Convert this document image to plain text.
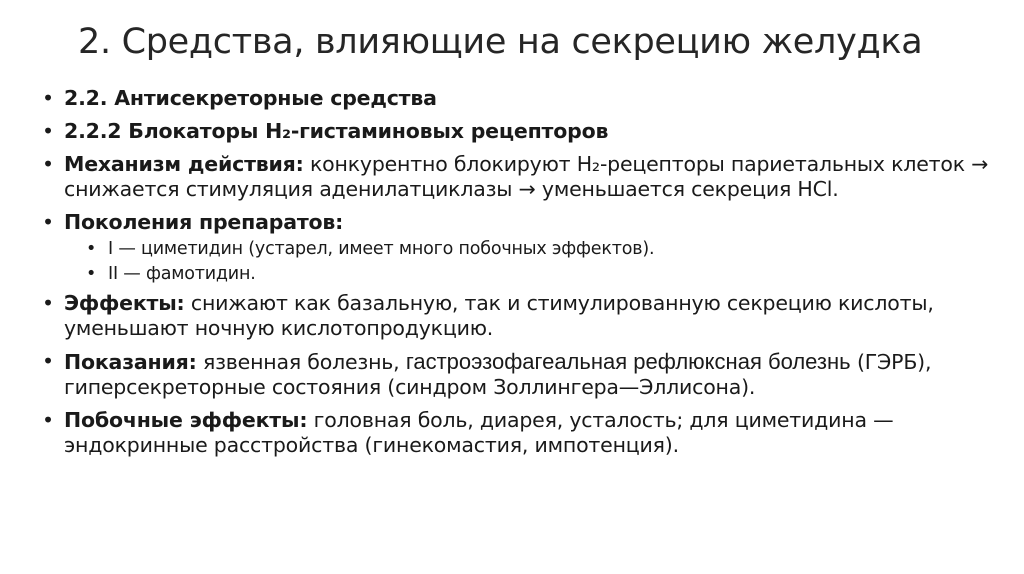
2. Средства, влияющие на секрецию желудка
• 2.2. Антисекреторные средства
• 2.2.2 Блокаторы H₂-гистаминовых рецепторов
• Механизм действия: конкурентно блокируют H₂-рецепторы париетальных клеток → снижается стимуляция аденилатциклазы → уменьшается секреция HCl.
• Поколения препаратов:
• I — циметидин (устарел, имеет много побочных эффектов).
• II — фамотидин.
• Эффекты: снижают как базальную, так и стимулированную секрецию кислоты, уменьшают ночную кислотопродукцию.
• Показания: язвенная болезнь, гастроэзофагеальная рефлюксная болезнь (ГЭРБ), гиперсекреторные состояния (синдром Золлингера—Эллисона).
• Побочные эффекты: головная боль, диарея, усталость; для циметидина — эндокринные расстройства (гинекомастия, импотенция).
